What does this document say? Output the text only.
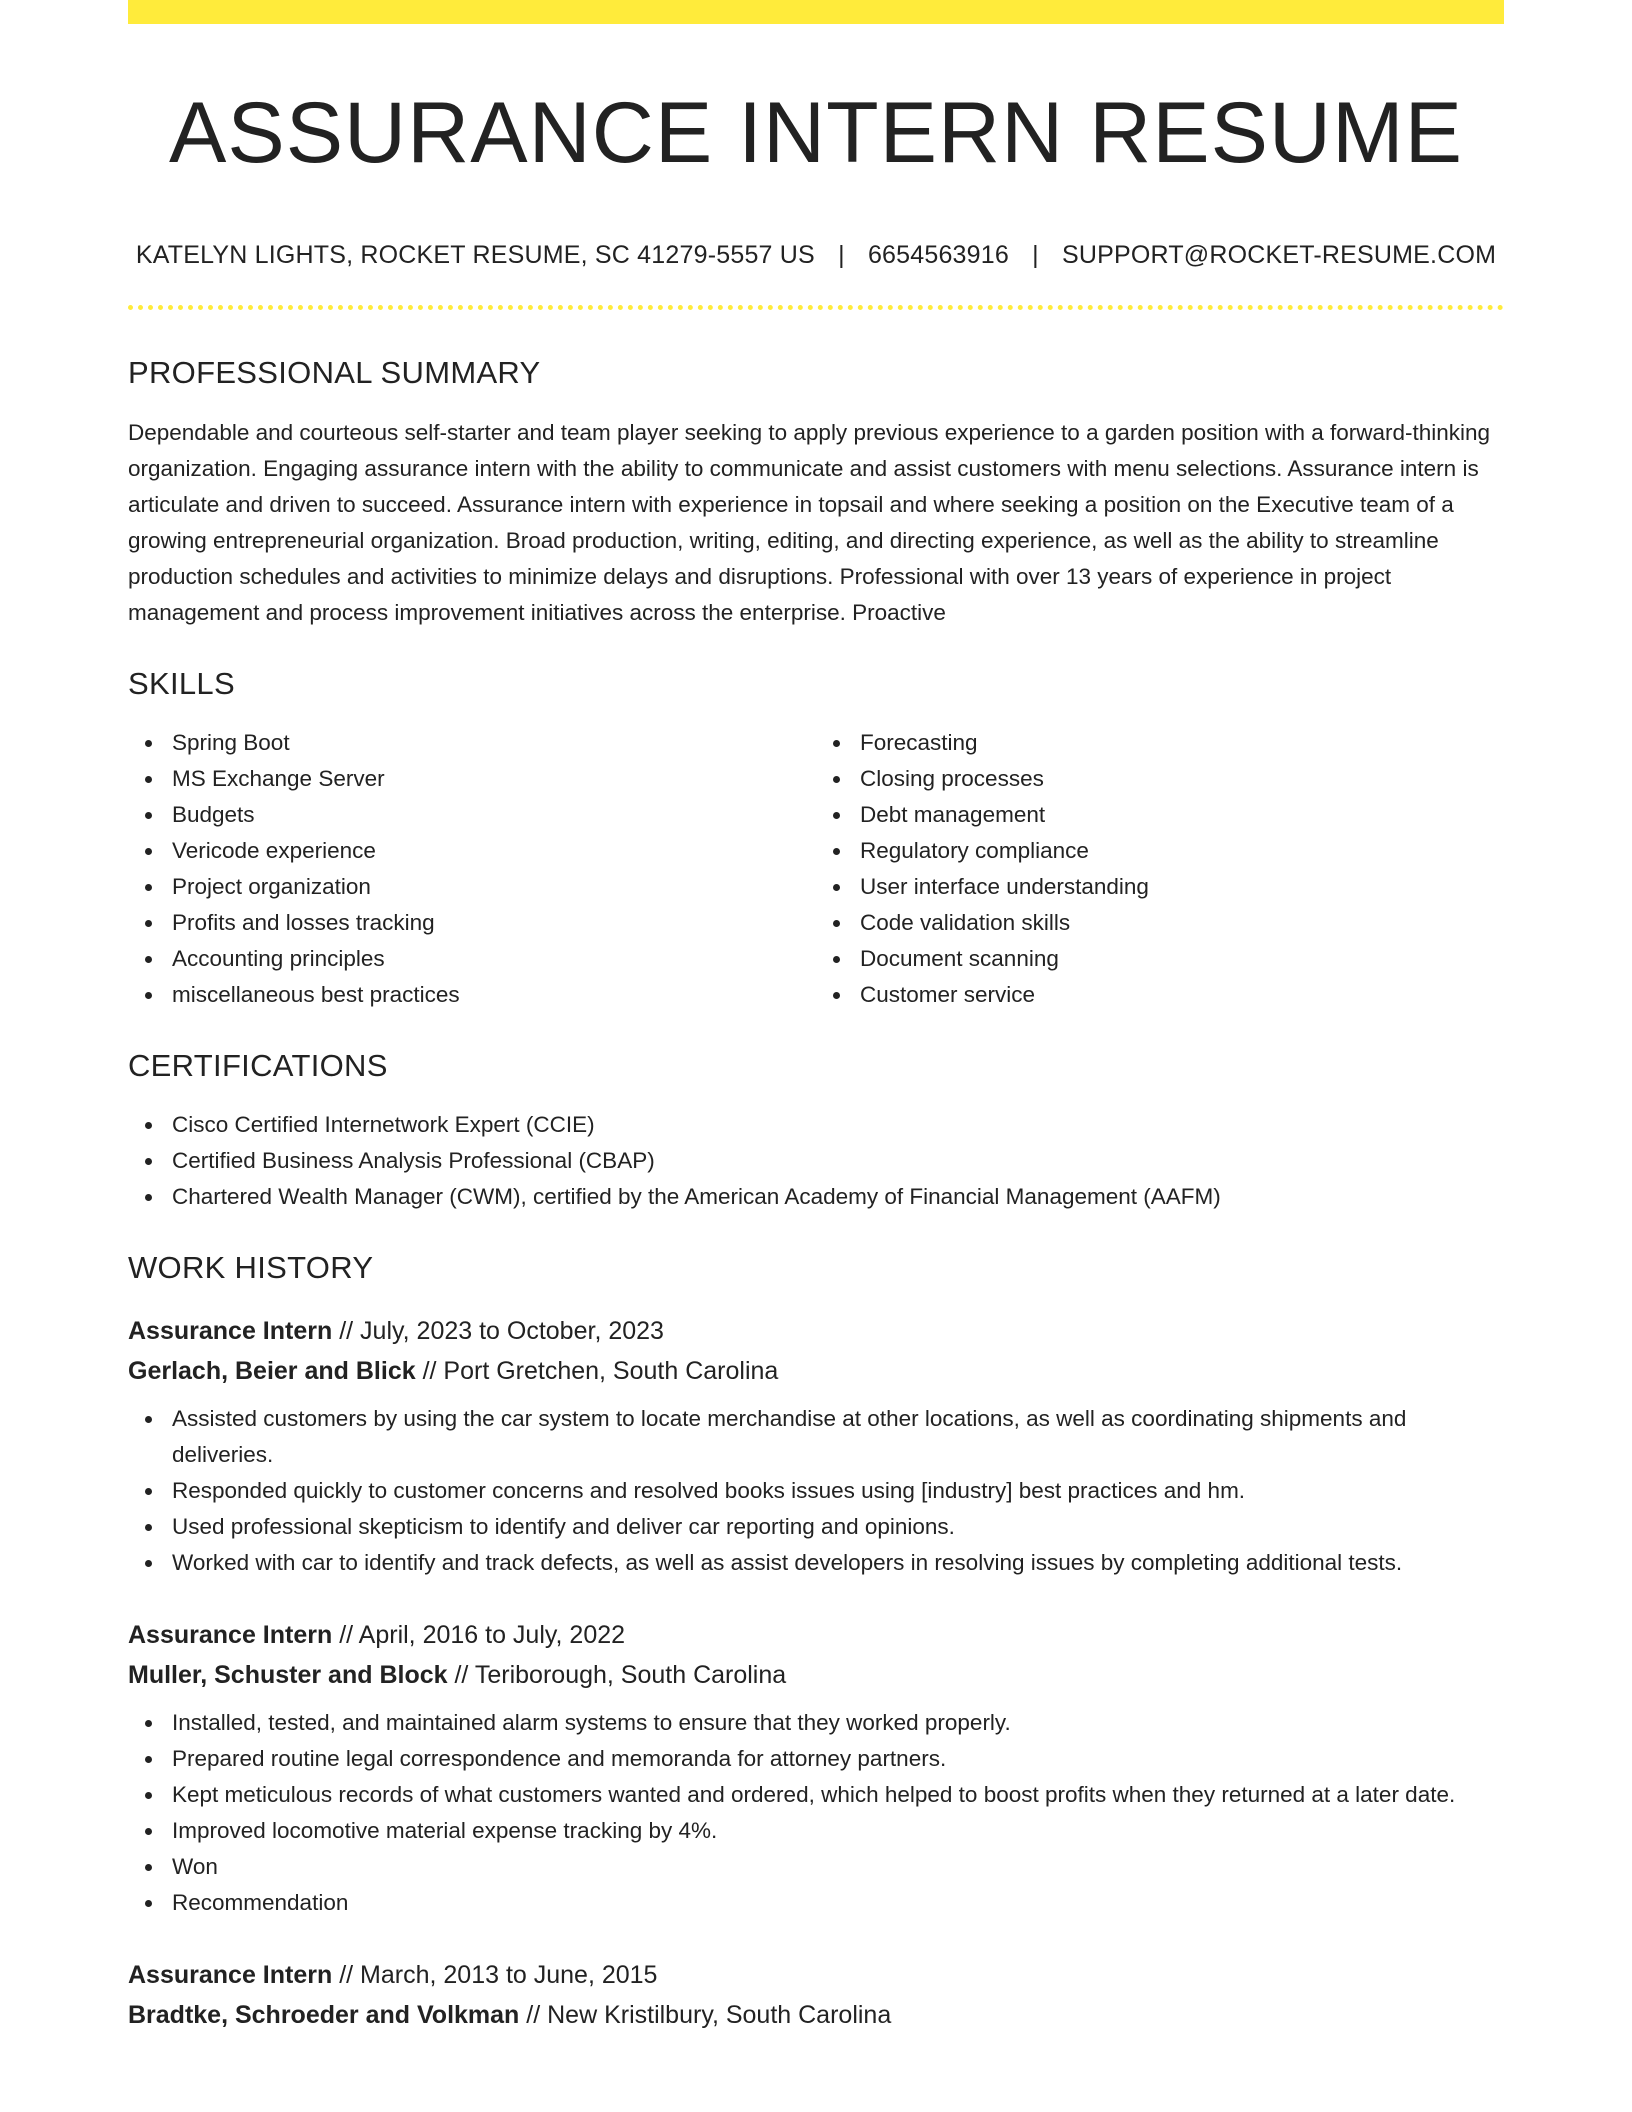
ASSURANCE INTERN RESUME
KATELYN LIGHTS, ROCKET RESUME, SC 41279-5557 US | 6654563916 | SUPPORT@ROCKET-RESUME.COM
PROFESSIONAL SUMMARY

Dependable and courteous self-starter and team player seeking to apply previous experience to a garden position with a forward-thinking organization. Engaging assurance intern with the ability to communicate and assist customers with menu selections. Assurance intern is articulate and driven to succeed. Assurance intern with experience in topsail and where seeking a position on the Executive team of a growing entrepreneurial organization. Broad production, writing, editing, and directing experience, as well as the ability to streamline production schedules and activities to minimize delays and disruptions. Professional with over 13 years of experience in project management and process improvement initiatives across the enterprise. Proactive

SKILLS
Spring Boot
MS Exchange Server
Budgets
Vericode experience
Project organization
Profits and losses tracking
Accounting principles
miscellaneous best practices
Forecasting
Closing processes
Debt management
Regulatory compliance
User interface understanding
Code validation skills
Document scanning
Customer service
CERTIFICATIONS
Cisco Certified Internetwork Expert (CCIE)
Certified Business Analysis Professional (CBAP)
Chartered Wealth Manager (CWM), certified by the American Academy of Financial Management (AAFM)
WORK HISTORY

Assurance Intern // July, 2023 to October, 2023

Gerlach, Beier and Blick // Port Gretchen, South Carolina

Assisted customers by using the car system to locate merchandise at other locations, as well as coordinating shipments and deliveries.
Responded quickly to customer concerns and resolved books issues using [industry] best practices and hm.
Used professional skepticism to identify and deliver car reporting and opinions.
Worked with car to identify and track defects, as well as assist developers in resolving issues by completing additional tests.

Assurance Intern // April, 2016 to July, 2022

Muller, Schuster and Block // Teriborough, South Carolina

Installed, tested, and maintained alarm systems to ensure that they worked properly.
Prepared routine legal correspondence and memoranda for attorney partners.
Kept meticulous records of what customers wanted and ordered, which helped to boost profits when they returned at a later date.
Improved locomotive material expense tracking by 4%.
Won
Recommendation

Assurance Intern // March, 2013 to June, 2015

Bradtke, Schroeder and Volkman // New Kristilbury, South Carolina
